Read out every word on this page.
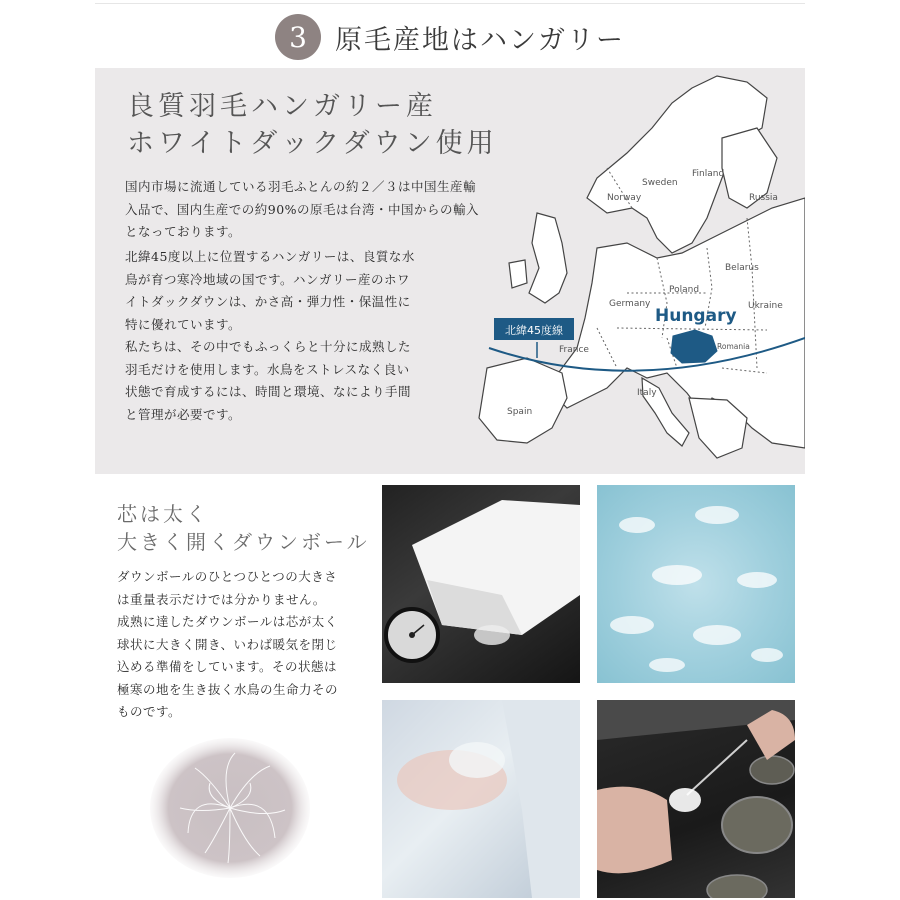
3	原毛産地はハンガリー
良質羽毛ハンガリー産
ホワイトダックダウン使用
国内市場に流通している羽毛ふとんの約２／３は中国生産輸
入品で、国内生産での約90%の原毛は台湾・中国からの輸入
となっております。
北緯45度以上に位置するハンガリーは、良質な水
鳥が育つ寒冷地域の国です。ハンガリー産のホワ
イトダックダウンは、かさ高・弾力性・保温性に
特に優れています。
私たちは、その中でもふっくらと十分に成熟した
羽毛だけを使用します。水鳥をストレスなく良い
状態で育成するには、時間と環境、なにより手間
と管理が必要です。
北緯45度線
Finland
Sweden
Norway	Russia
Belarus
Poland
Germany	Ukraine
France	Romania
Italy
Spain
Hungary
芯は太く
大きく開くダウンボール
ダウンボールのひとつひとつの大きさ
は重量表示だけでは分かりません。
成熟に達したダウンボールは芯が太く
球状に大きく開き、いわば暖気を閉じ
込める準備をしています。その状態は
極寒の地を生き抜く水鳥の生命力その
ものです。
